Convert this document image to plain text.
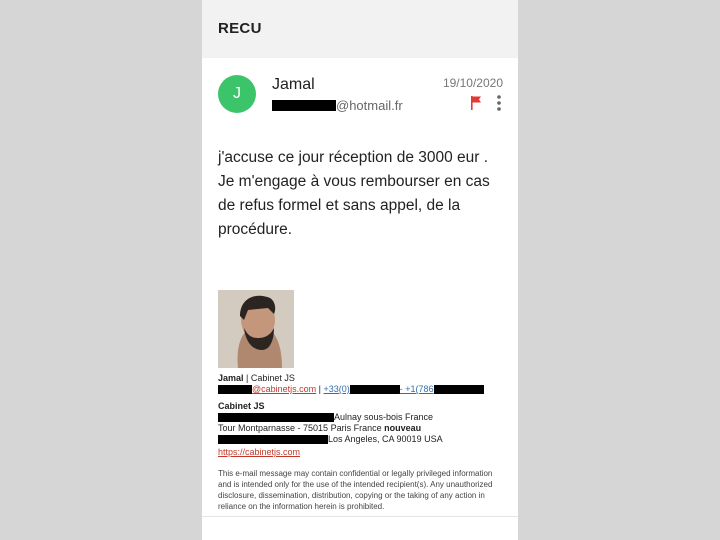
RECU
J
Jamal
@hotmail.fr
19/10/2020
j'accuse ce jour réception de 3000 eur . Je m'engage à vous rembourser en cas de refus formel et sans appel, de la procédure.
Jamal | Cabinet JS
@cabinetjs.com | +33(0)	- +1(786
Cabinet JS
Aulnay sous-bois France
Tour Montparnasse - 75015 Paris France nouveau
Los Angeles, CA 90019 USA
https://cabinetjs.com
This e-mail message may contain confidential or legally privileged information and is intended only for the use of the intended recipient(s). Any unauthorized disclosure, dissemination, distribution, copying or the taking of any action in reliance on the information herein is prohibited.
